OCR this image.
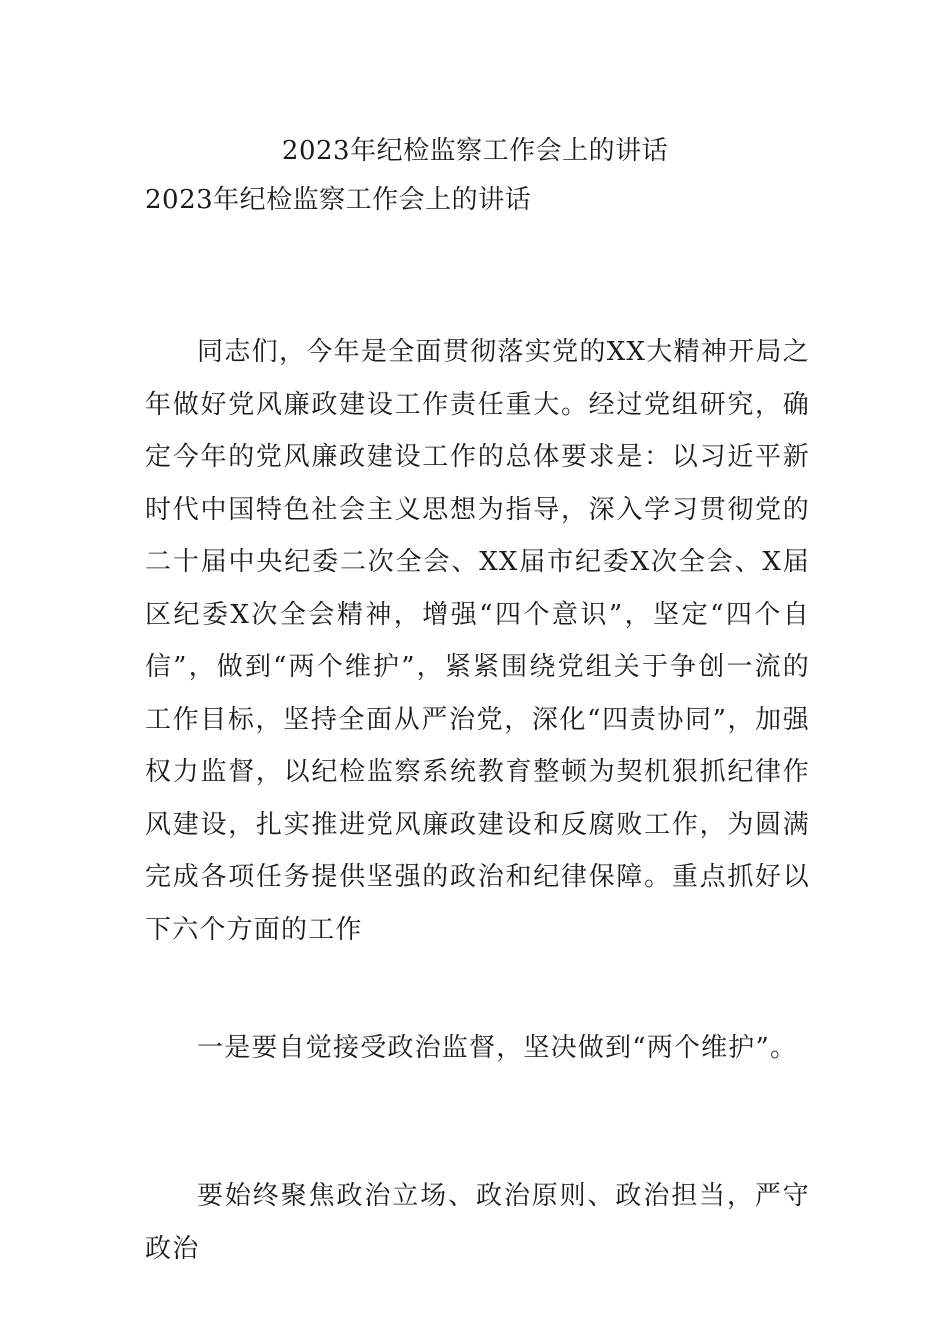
2023年纪检监察工作会上的讲话
2023年纪检监察工作会上的讲话

同志们，今年是全面贯彻落实党的XX大精神开局之年做好党风廉政建设工作责任重大。经过党组研究，确定今年的党风廉政建设工作的总体要求是：以习近平新时代中国特色社会主义思想为指导，深入学习贯彻党的二十届中央纪委二次全会、XX届市纪委X次全会、X届区纪委X次全会精神，增强“四个意识”，坚定“四个自信”，做到“两个维护”，紧紧围绕党组关于争创一流的工作目标，坚持全面从严治党，深化“四责协同”，加强权力监督，以纪检监察系统教育整顿为契机狠抓纪律作风建设，扎实推进党风廉政建设和反腐败工作，为圆满完成各项任务提供坚强的政治和纪律保障。重点抓好以下六个方面的工作

一是要自觉接受政治监督，坚决做到“两个维护”。

要始终聚焦政治立场、政治原则、政治担当，严守政治
